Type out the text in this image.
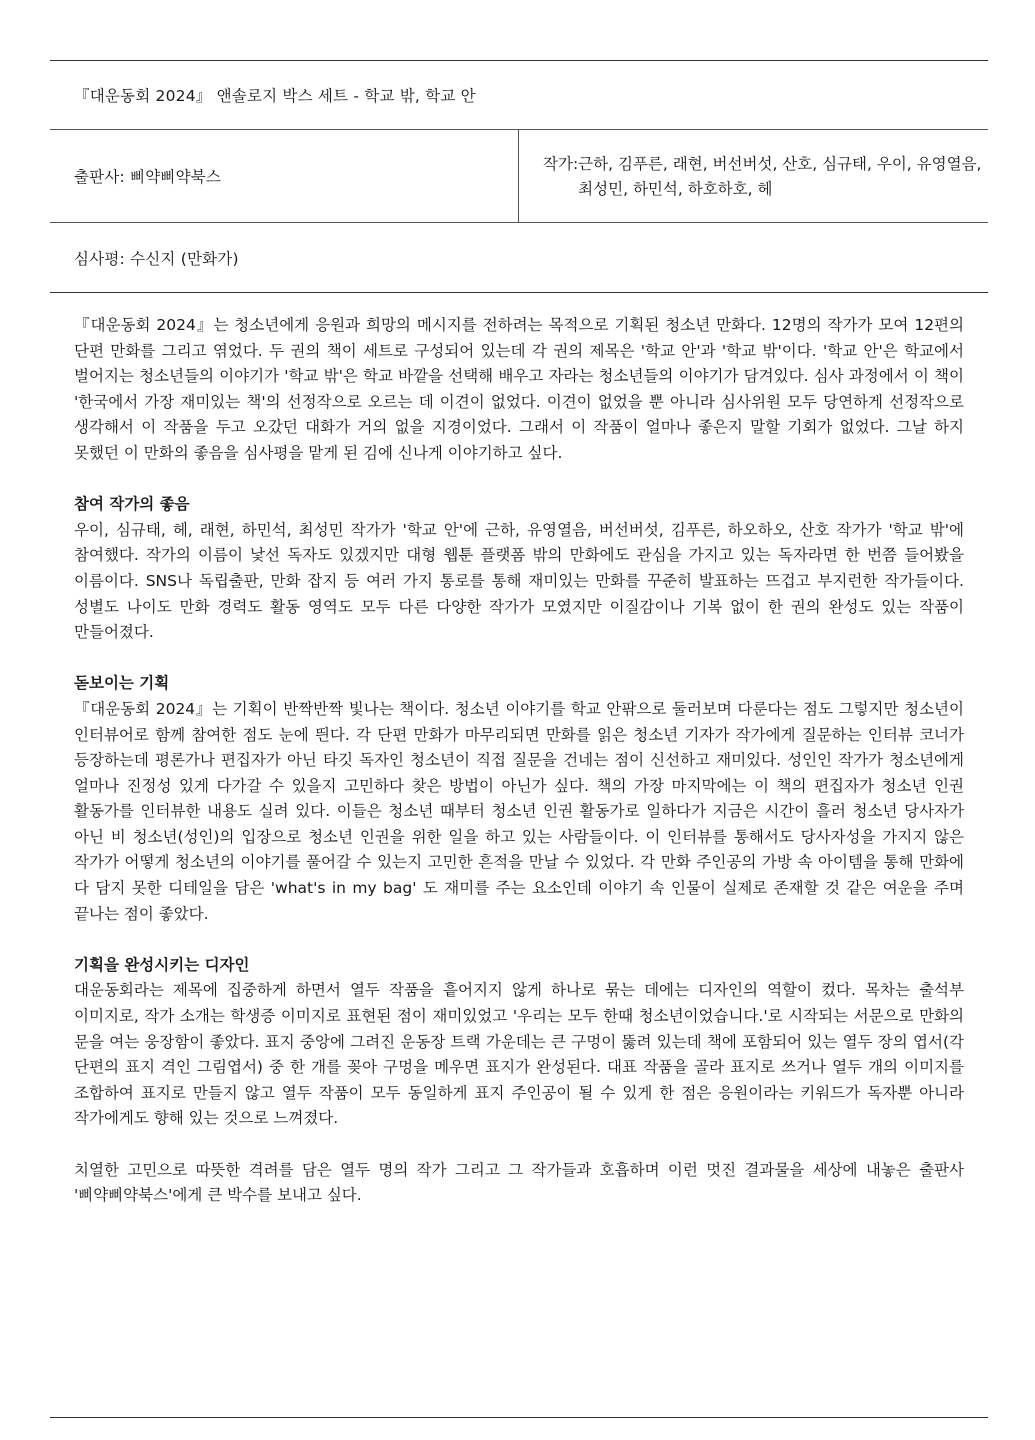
『대운동회 2024』 앤솔로지 박스 세트 - 학교 밖, 학교 안
출판사: 삐약삐약북스
작가: 근하, 김푸른, 래현, 버선버섯, 산호, 심규태, 우이, 유영열음, 최성민, 하민석, 하호하호, 헤
심사평: 수신지 (만화가)

『대운동회 2024』는 청소년에게 응원과 희망의 메시지를 전하려는 목적으로 기획된 청소년 만화다. 12명의 작가가 모여 12편의 단편 만화를 그리고 엮었다. 두 권의 책이 세트로 구성되어 있는데 각 권의 제목은 '학교 안'과 '학교 밖'이다. '학교 안'은 학교에서 벌어지는 청소년들의 이야기가 '학교 밖'은 학교 바깥을 선택해 배우고 자라는 청소년들의 이야기가 담겨있다. 심사 과정에서 이 책이 '한국에서 가장 재미있는 책'의 선정작으로 오르는 데 이견이 없었다. 이견이 없었을 뿐 아니라 심사위원 모두 당연하게 선정작으로 생각해서 이 작품을 두고 오갔던 대화가 거의 없을 지경이었다. 그래서 이 작품이 얼마나 좋은지 말할 기회가 없었다. 그날 하지 못했던 이 만화의 좋음을 심사평을 맡게 된 김에 신나게 이야기하고 싶다.

참여 작가의 좋음

우이, 심규태, 헤, 래현, 하민석, 최성민 작가가 '학교 안'에 근하, 유영열음, 버선버섯, 김푸른, 하오하오, 산호 작가가 '학교 밖'에 참여했다. 작가의 이름이 낯선 독자도 있겠지만 대형 웹툰 플랫폼 밖의 만화에도 관심을 가지고 있는 독자라면 한 번쯤 들어봤을 이름이다. SNS나 독립출판, 만화 잡지 등 여러 가지 통로를 통해 재미있는 만화를 꾸준히 발표하는 뜨겁고 부지런한 작가들이다. 성별도 나이도 만화 경력도 활동 영역도 모두 다른 다양한 작가가 모였지만 이질감이나 기복 없이 한 권의 완성도 있는 작품이 만들어졌다.

돋보이는 기획

『대운동회 2024』는 기획이 반짝반짝 빛나는 책이다. 청소년 이야기를 학교 안팎으로 둘러보며 다룬다는 점도 그렇지만 청소년이 인터뷰어로 함께 참여한 점도 눈에 띈다. 각 단편 만화가 마무리되면 만화를 읽은 청소년 기자가 작가에게 질문하는 인터뷰 코너가 등장하는데 평론가나 편집자가 아닌 타깃 독자인 청소년이 직접 질문을 건네는 점이 신선하고 재미있다. 성인인 작가가 청소년에게 얼마나 진정성 있게 다가갈 수 있을지 고민하다 찾은 방법이 아닌가 싶다. 책의 가장 마지막에는 이 책의 편집자가 청소년 인권 활동가를 인터뷰한 내용도 실려 있다. 이들은 청소년 때부터 청소년 인권 활동가로 일하다가 지금은 시간이 흘러 청소년 당사자가 아닌 비 청소년(성인)의 입장으로 청소년 인권을 위한 일을 하고 있는 사람들이다. 이 인터뷰를 통해서도 당사자성을 가지지 않은 작가가 어떻게 청소년의 이야기를 풀어갈 수 있는지 고민한 흔적을 만날 수 있었다. 각 만화 주인공의 가방 속 아이템을 통해 만화에 다 담지 못한 디테일을 담은 'what's in my bag' 도 재미를 주는 요소인데 이야기 속 인물이 실제로 존재할 것 같은 여운을 주며 끝나는 점이 좋았다.

기획을 완성시키는 디자인

대운동회라는 제목에 집중하게 하면서 열두 작품을 흩어지지 않게 하나로 묶는 데에는 디자인의 역할이 컸다. 목차는 출석부 이미지로, 작가 소개는 학생증 이미지로 표현된 점이 재미있었고 '우리는 모두 한때 청소년이었습니다.'로 시작되는 서문으로 만화의 문을 여는 웅장함이 좋았다. 표지 중앙에 그려진 운동장 트랙 가운데는 큰 구멍이 뚫려 있는데 책에 포함되어 있는 열두 장의 엽서(각 단편의 표지 격인 그림엽서) 중 한 개를 꽂아 구멍을 메우면 표지가 완성된다. 대표 작품을 골라 표지로 쓰거나 열두 개의 이미지를 조합하여 표지로 만들지 않고 열두 작품이 모두 동일하게 표지 주인공이 될 수 있게 한 점은 응원이라는 키워드가 독자뿐 아니라 작가에게도 향해 있는 것으로 느껴졌다.

치열한 고민으로 따뜻한 격려를 담은 열두 명의 작가 그리고 그 작가들과 호흡하며 이런 멋진 결과물을 세상에 내놓은 출판사 '삐약삐약북스'에게 큰 박수를 보내고 싶다.
